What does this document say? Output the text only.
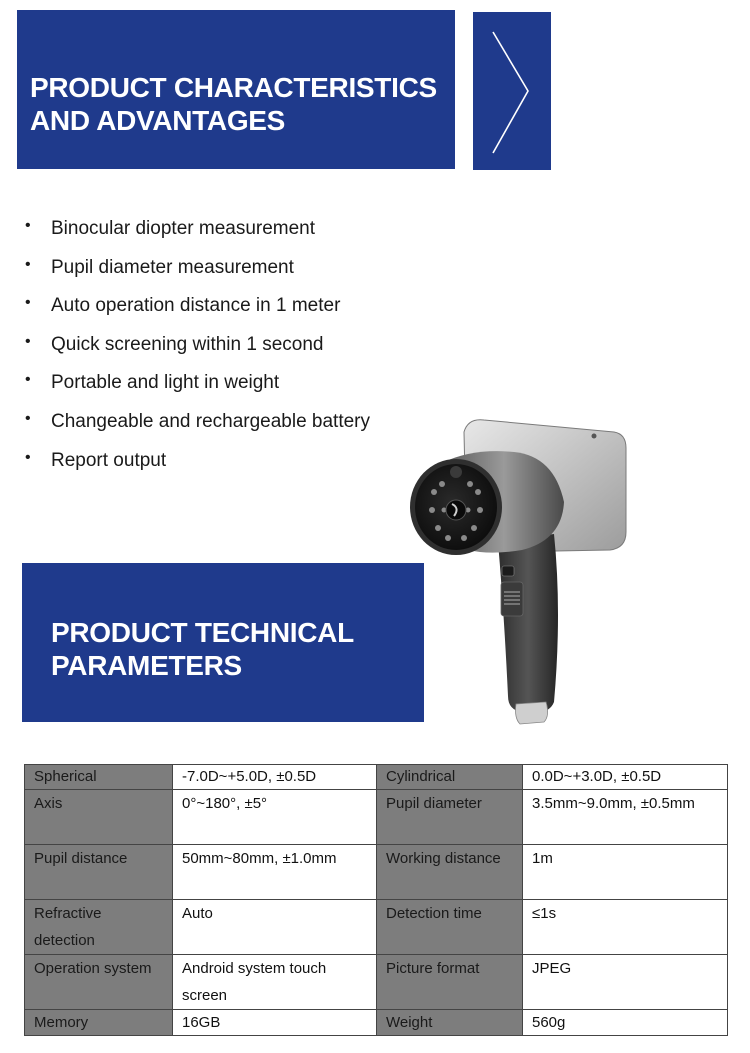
PRODUCT CHARACTERISTICS
AND ADVANTAGES
• Binocular diopter measurement
• Pupil diameter measurement
• Auto operation distance in 1 meter
• Quick screening within 1 second
• Portable and light in weight
• Changeable and rechargeable battery
• Report output
PRODUCT TECHNICAL
PARAMETERS
Spherical	-7.0D~+5.0D, ±0.5D	Cylindrical	0.0D~+3.0D, ±0.5D
Axis	0°~180°, ±5°	Pupil diameter	3.5mm~9.0mm, ±0.5mm
Pupil distance	50mm~80mm, ±1.0mm	Working distance	1m
Refractive detection	Auto	Detection time	≤1s
Operation system	Android system touch screen	Picture format	JPEG
Memory	16GB	Weight	560g
